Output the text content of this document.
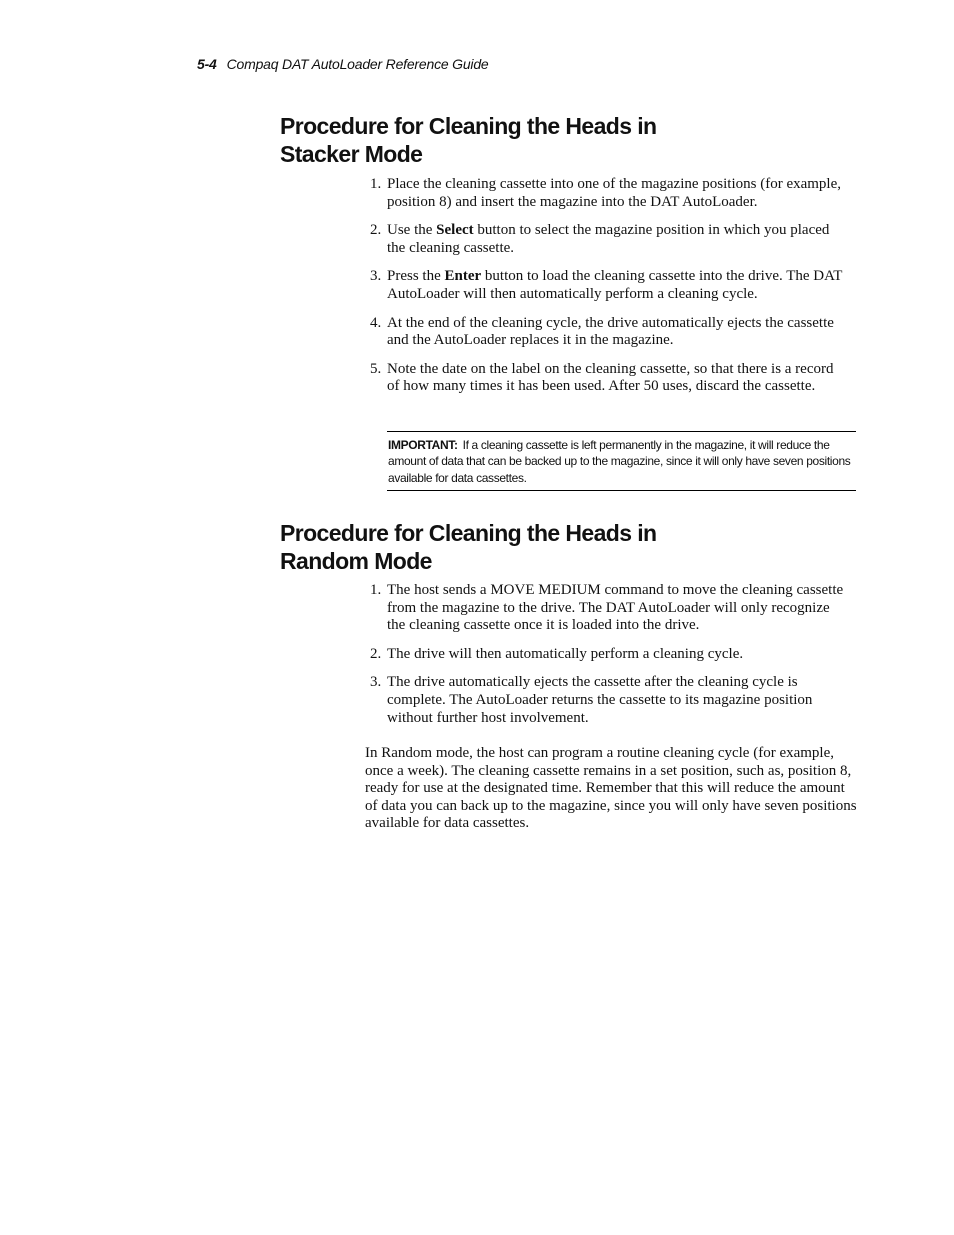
5-4 Compaq DAT AutoLoader Reference Guide
Procedure for Cleaning the Heads in
Stacker Mode
1. Place the cleaning cassette into one of the magazine positions (for example, position 8) and insert the magazine into the DAT AutoLoader.
2. Use the Select button to select the magazine position in which you placed the cleaning cassette.
3. Press the Enter button to load the cleaning cassette into the drive. The DAT AutoLoader will then automatically perform a cleaning cycle.
4. At the end of the cleaning cycle, the drive automatically ejects the cassette and the AutoLoader replaces it in the magazine.
5. Note the date on the label on the cleaning cassette, so that there is a record of how many times it has been used. After 50 uses, discard the cassette.
IMPORTANT: If a cleaning cassette is left permanently in the magazine, it will reduce the amount of data that can be backed up to the magazine, since it will only have seven positions available for data cassettes.
Procedure for Cleaning the Heads in
Random Mode
1. The host sends a MOVE MEDIUM command to move the cleaning cassette from the magazine to the drive. The DAT AutoLoader will only recognize the cleaning cassette once it is loaded into the drive.
2. The drive will then automatically perform a cleaning cycle.
3. The drive automatically ejects the cassette after the cleaning cycle is complete. The AutoLoader returns the cassette to its magazine position without further host involvement.

In Random mode, the host can program a routine cleaning cycle (for example, once a week). The cleaning cassette remains in a set position, such as, position 8, ready for use at the designated time. Remember that this will reduce the amount of data you can back up to the magazine, since you will only have seven positions available for data cassettes.
